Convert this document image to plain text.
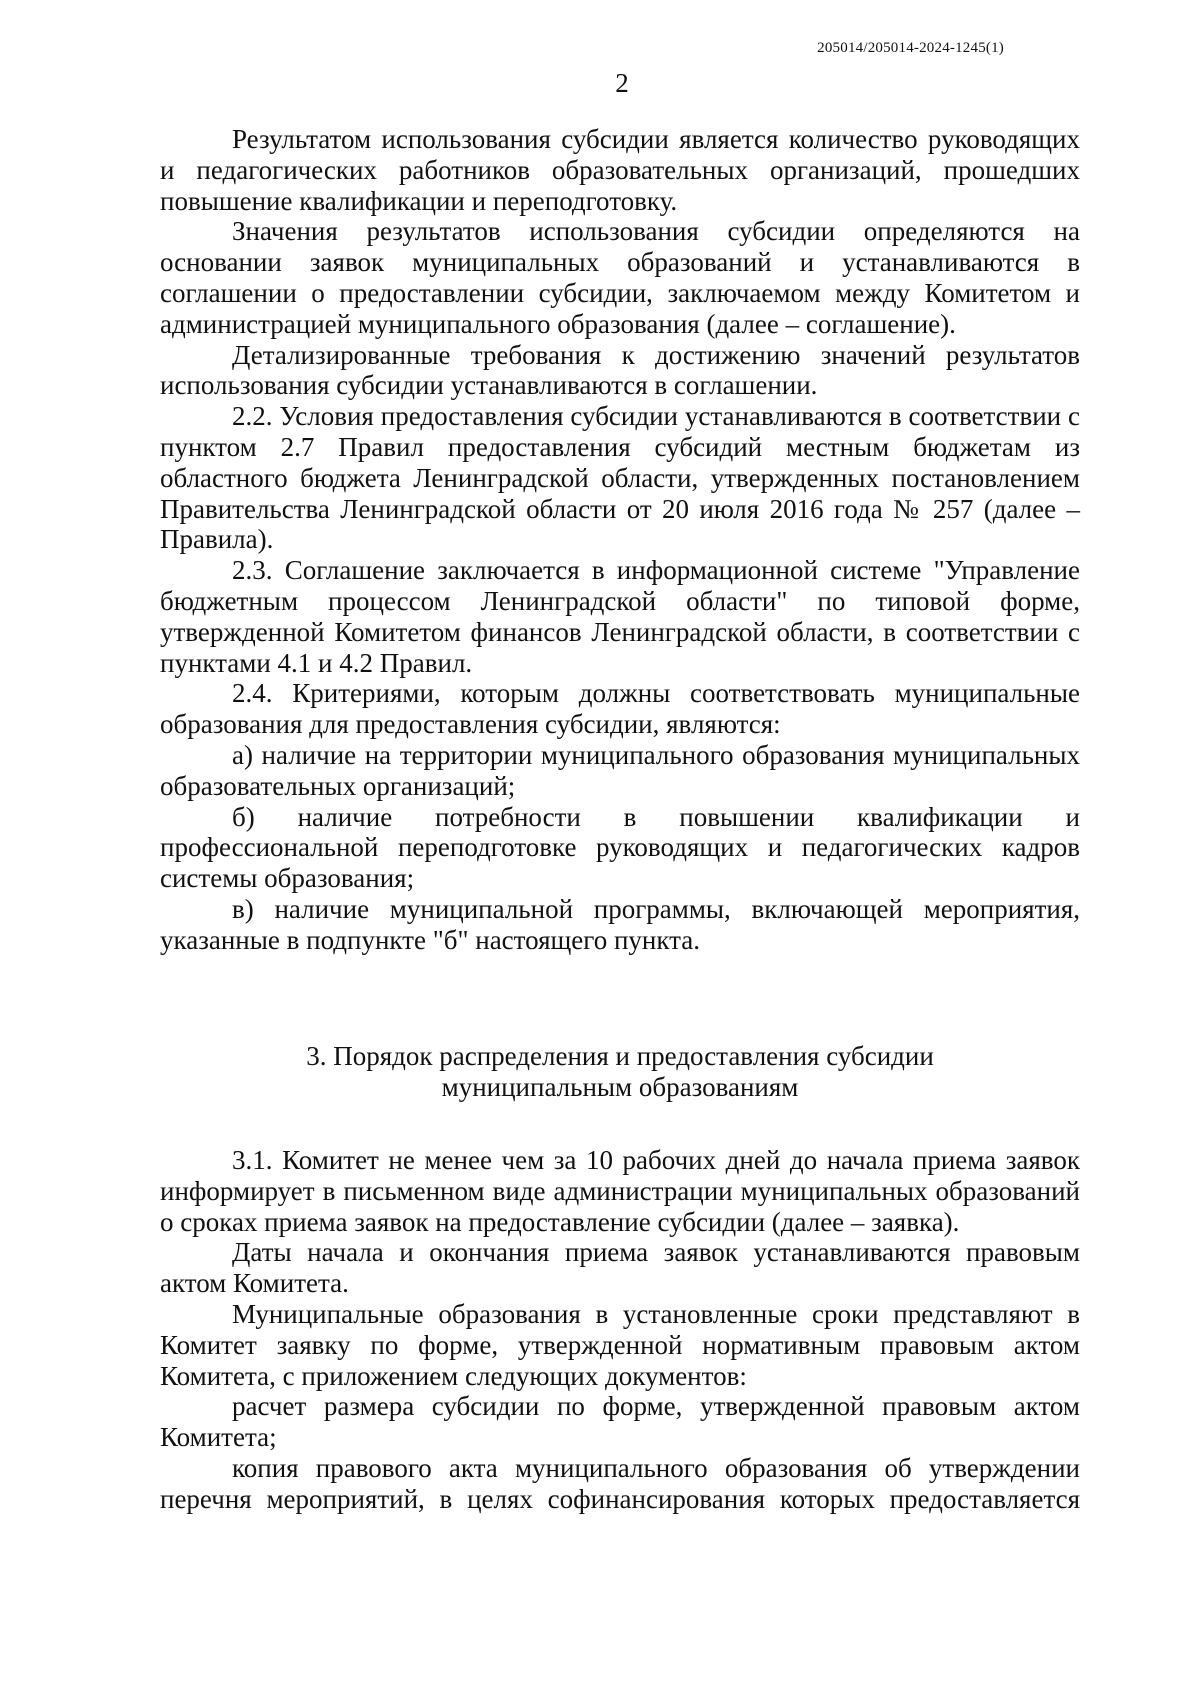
205014/205014-2024-1245(1)
2

Результатом использования субсидии является количество руководящих и педагогических работников образовательных организаций, прошедших повышение квалификации и переподготовку.

Значения результатов использования субсидии определяются на основании заявок муниципальных образований и устанавливаются в соглашении о предоставлении субсидии, заключаемом между Комитетом и администрацией муниципального образования (далее – соглашение).

Детализированные требования к достижению значений результатов использования субсидии устанавливаются в соглашении.

2.2. Условия предоставления субсидии устанавливаются в соответствии с пунктом 2.7 Правил предоставления субсидий местным бюджетам из областного бюджета Ленинградской области, утвержденных постановлением Правительства Ленинградской области от 20 июля 2016 года № 257 (далее – Правила).

2.3. Соглашение заключается в информационной системе "Управление бюджетным процессом Ленинградской области" по типовой форме, утвержденной Комитетом финансов Ленинградской области, в соответствии с пунктами 4.1 и 4.2 Правил.

2.4. Критериями, которым должны соответствовать муниципальные образования для предоставления субсидии, являются:

а) наличие на территории муниципального образования муниципальных образовательных организаций;

б) наличие потребности в повышении квалификации и профессиональной переподготовке руководящих и педагогических кадров системы образования;

в) наличие муниципальной программы, включающей мероприятия, указанные в подпункте "б" настоящего пункта.

3. Порядок распределения и предоставления субсидии
муниципальным образованиям

3.1. Комитет не менее чем за 10 рабочих дней до начала приема заявок информирует в письменном виде администрации муниципальных образований о сроках приема заявок на предоставление субсидии (далее – заявка).

Даты начала и окончания приема заявок устанавливаются правовым актом Комитета.

Муниципальные образования в установленные сроки представляют в Комитет заявку по форме, утвержденной нормативным правовым актом Комитета, с приложением следующих документов:

расчет размера субсидии по форме, утвержденной правовым актом Комитета;

копия правового акта муниципального образования об утверждении перечня мероприятий, в целях софинансирования которых предоставляется
